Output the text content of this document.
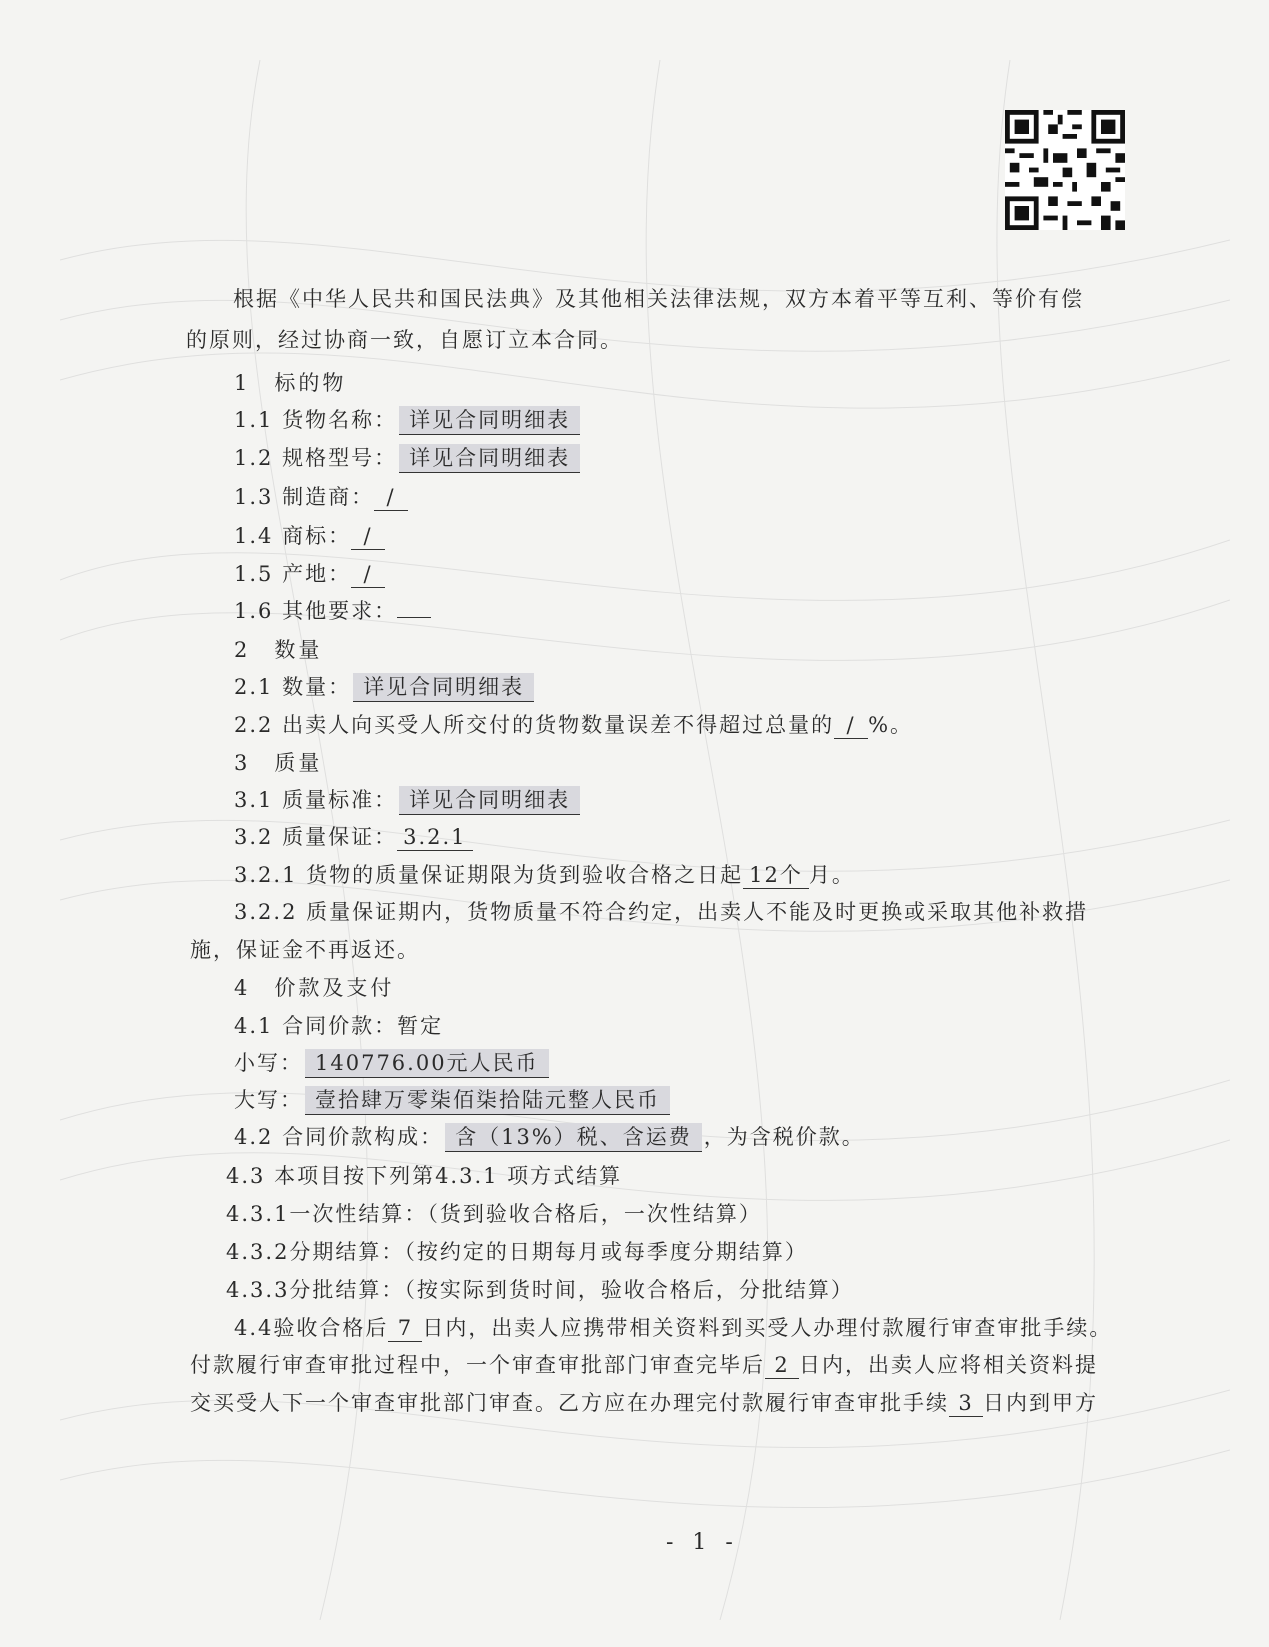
根据《中华人民共和国民法典》及其他相关法律法规，双方本着平等互利、等价有偿
的原则，经过协商一致，自愿订立本合同。
1　标的物
1.1 货物名称： 详见合同明细表
1.2 规格型号： 详见合同明细表
1.3 制造商： /
1.4 商标： /
1.5 产地： /
1.6 其他要求：
2　数量
2.1 数量： 详见合同明细表
2.2 出卖人向买受人所交付的货物数量误差不得超过总量的 / %。
3　质量
3.1 质量标准： 详见合同明细表
3.2 质量保证： 3.2.1
3.2.1 货物的质量保证期限为货到验收合格之日起 12个 月。
3.2.2 质量保证期内，货物质量不符合约定，出卖人不能及时更换或采取其他补救措
施，保证金不再返还。
4　价款及支付
4.1 合同价款：暂定
小写： 140776.00元人民币
大写： 壹拾肆万零柒佰柒拾陆元整人民币
4.2 合同价款构成： 含（13%）税、含运费 ，为含税价款。
4.3 本项目按下列第4.3.1 项方式结算
4.3.1一次性结算：（货到验收合格后，一次性结算）
4.3.2分期结算：（按约定的日期每月或每季度分期结算）
4.3.3分批结算：（按实际到货时间，验收合格后，分批结算）
4.4验收合格后 7 日内，出卖人应携带相关资料到买受人办理付款履行审查审批手续。
付款履行审查审批过程中，一个审查审批部门审查完毕后 2 日内，出卖人应将相关资料提
交买受人下一个审查审批部门审查。乙方应在办理完付款履行审查审批手续 3 日内到甲方
- 1 -
